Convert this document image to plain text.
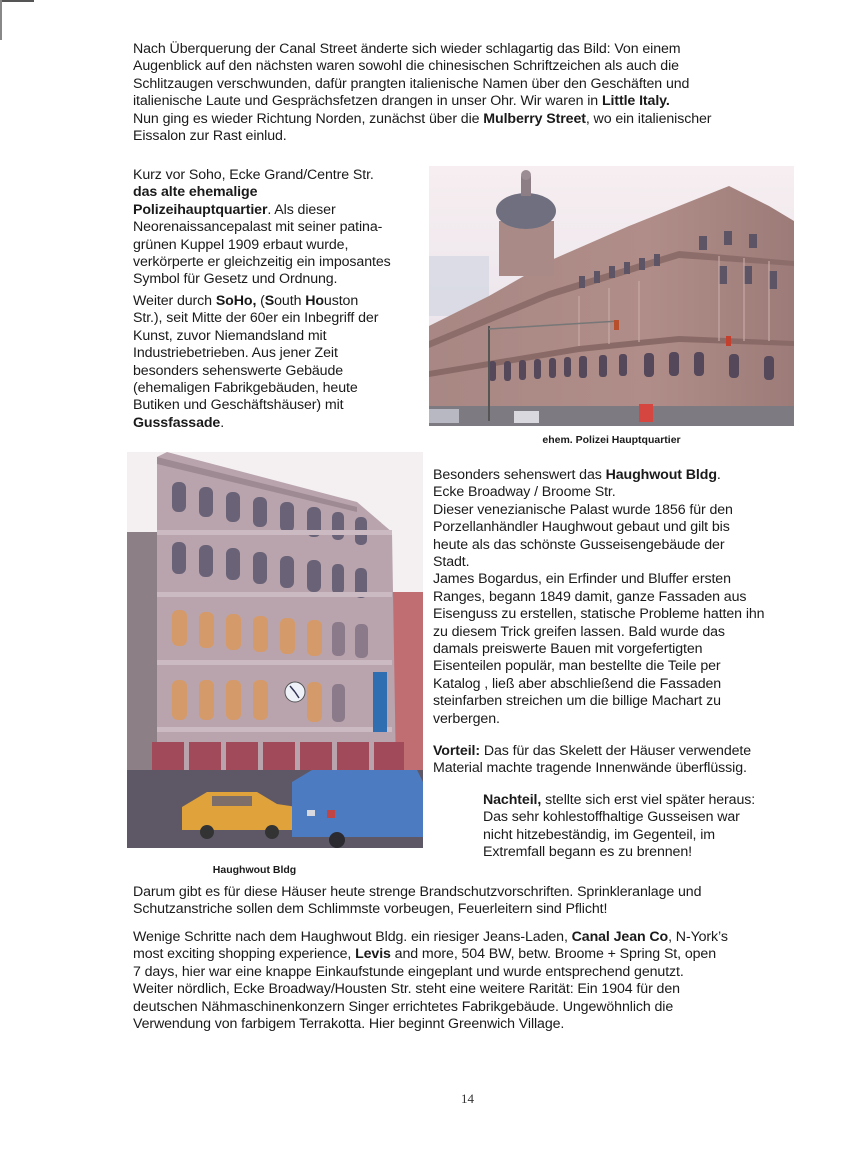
Nach Überquerung der Canal Street änderte sich wieder schlagartig das Bild: Von einem

Augenblick auf den nächsten waren sowohl die chinesischen Schriftzeichen als auch die

Schlitzaugen verschwunden, dafür prangten italienische Namen über den Geschäften und

italienische Laute und Gesprächsfetzen drangen in unser Ohr. Wir waren in Little Italy.

Nun ging es wieder Richtung Norden, zunächst über die Mulberry Street, wo ein italienischer

Eissalon zur Rast einlud.

Kurz vor Soho, Ecke Grand/Centre Str.

das alte ehemalige

Polizeihauptquartier. Als dieser

Neorenaissancepalast mit seiner patina-

grünen Kuppel 1909 erbaut wurde,

verkörperte er gleichzeitig ein imposantes

Symbol für Gesetz und Ordnung.

Weiter durch SoHo, (South Houston

Str.), seit Mitte der 60er ein Inbegriff der

Kunst, zuvor Niemandsland mit

Industriebetrieben. Aus jener Zeit

besonders sehenswerte Gebäude

(ehemaligen Fabrikgebäuden, heute

Butiken und Geschäftshäuser) mit

Gussfassade.

ehem. Polizei Hauptquartier
Haughwout Bldg

Besonders sehenswert das Haughwout Bldg.

Ecke Broadway / Broome Str.

Dieser venezianische Palast wurde 1856 für den

Porzellanhändler Haughwout gebaut und gilt bis

heute als das schönste Gusseisengebäude der

Stadt.

James Bogardus, ein Erfinder und Bluffer ersten

Ranges, begann 1849 damit, ganze Fassaden aus

Eisenguss zu erstellen, statische Probleme hatten ihn

zu diesem Trick greifen lassen. Bald wurde das

damals preiswerte Bauen mit vorgefertigten

Eisenteilen populär, man bestellte die Teile per

Katalog , ließ aber abschließend die Fassaden

steinfarben streichen um die billige Machart zu

verbergen.

Vorteil: Das für das Skelett der Häuser verwendete

Material machte tragende Innenwände überflüssig.

Nachteil, stellte sich erst viel später heraus:

Das sehr kohlestoffhaltige Gusseisen war

nicht hitzebeständig, im Gegenteil, im

Extremfall begann es zu brennen!

Darum gibt es für diese Häuser heute strenge Brandschutzvorschriften. Sprinkleranlage und

Schutzanstriche sollen dem Schlimmste vorbeugen, Feuerleitern sind Pflicht!

Wenige Schritte nach dem Haughwout Bldg. ein riesiger Jeans-Laden, Canal Jean Co, N-York’s

most exciting shopping experience, Levis and more, 504 BW, betw. Broome + Spring St, open

7 days, hier war eine knappe Einkaufstunde eingeplant und wurde entsprechend genutzt.

Weiter nördlich, Ecke Broadway/Housten Str. steht eine weitere Rarität: Ein 1904 für den

deutschen Nähmaschinenkonzern Singer errichtetes Fabrikgebäude. Ungewöhnlich die

Verwendung von farbigem Terrakotta. Hier beginnt Greenwich Village.

14
